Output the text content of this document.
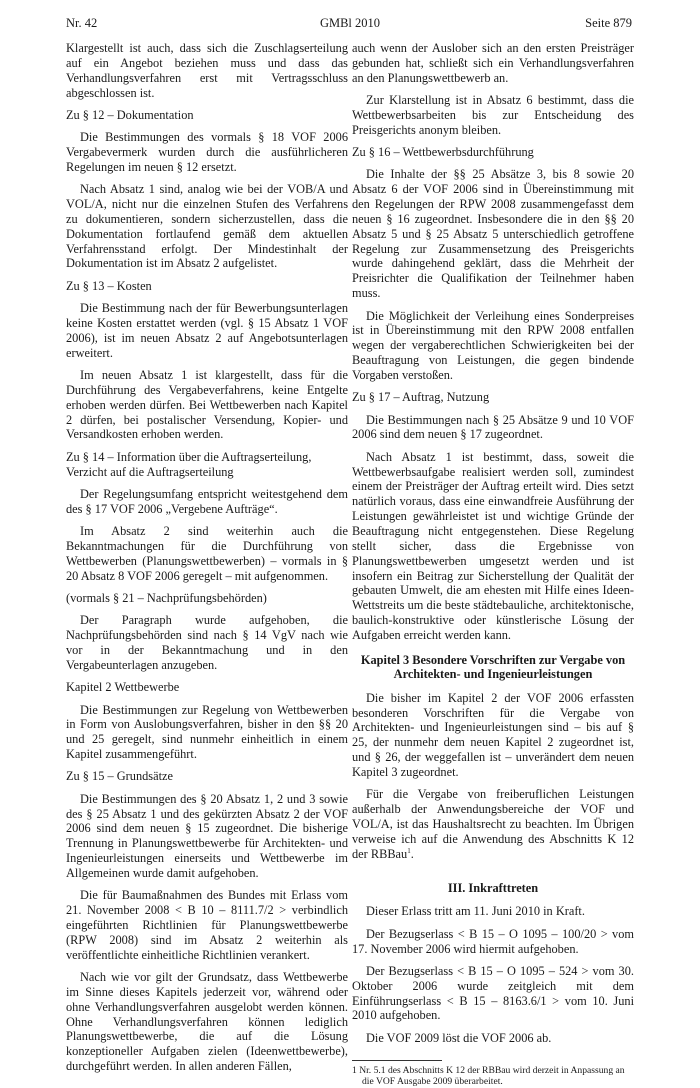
Nr. 42	GMBl 2010	Seite 879

Klargestellt ist auch, dass sich die Zuschlagserteilung auf ein Angebot beziehen muss und dass das Verhandlungsverfahren erst mit Vertragsschluss abgeschlossen ist.

Zu § 12 – Dokumentation

Die Bestimmungen des vormals § 18 VOF 2006 Vergabevermerk wurden durch die ausführlicheren Regelungen im neuen § 12 ersetzt.

Nach Absatz 1 sind, analog wie bei der VOB/A und VOL/A, nicht nur die einzelnen Stufen des Verfahrens zu dokumentieren, sondern sicherzustellen, dass die Dokumentation fortlaufend gemäß dem aktuellen Verfahrensstand erfolgt. Der Mindestinhalt der Dokumentation ist im Absatz 2 aufgelistet.

Zu § 13 – Kosten

Die Bestimmung nach der für Bewerbungsunterlagen keine Kosten erstattet werden (vgl. § 15 Absatz 1 VOF 2006), ist im neuen Absatz 2 auf Angebotsunterlagen erweitert.

Im neuen Absatz 1 ist klargestellt, dass für die Durchführung des Vergabeverfahrens, keine Entgelte erhoben werden dürfen. Bei Wettbewerben nach Kapitel 2 dürfen, bei postalischer Versendung, Kopier- und Versandkosten erhoben werden.

Zu § 14 – Information über die Auftragserteilung, Verzicht auf die Auftragserteilung

Der Regelungsumfang entspricht weitestgehend dem des § 17 VOF 2006 „Vergebene Aufträge“.

Im Absatz 2 sind weiterhin auch die Bekanntmachungen für die Durchführung von Wettbewerben (Planungswettbewerben) – vormals in § 20 Absatz 8 VOF 2006 geregelt – mit aufgenommen.

(vormals § 21 – Nachprüfungsbehörden)

Der Paragraph wurde aufgehoben, die Nachprüfungsbehörden sind nach § 14 VgV nach wie vor in der Bekanntmachung und in den Vergabeunterlagen anzugeben.

Kapitel 2 Wettbewerbe

Die Bestimmungen zur Regelung von Wettbewerben in Form von Auslobungsverfahren, bisher in den §§ 20 und 25 geregelt, sind nunmehr einheitlich in einem Kapitel zusammengeführt.

Zu § 15 – Grundsätze

Die Bestimmungen des § 20 Absatz 1, 2 und 3 sowie des § 25 Absatz 1 und des gekürzten Absatz 2 der VOF 2006 sind dem neuen § 15 zugeordnet. Die bisherige Trennung in Planungswettbewerbe für Architekten- und Ingenieurleistungen einerseits und Wettbewerbe im Allgemeinen wurde damit aufgehoben.

Die für Baumaßnahmen des Bundes mit Erlass vom 21. November 2008 < B 10 – 8111.7/2 > verbindlich eingeführten Richtlinien für Planungswettbewerbe (RPW 2008) sind im Absatz 2 weiterhin als veröffentlichte einheitliche Richtlinien verankert.

Nach wie vor gilt der Grundsatz, dass Wettbewerbe im Sinne dieses Kapitels jederzeit vor, während oder ohne Verhandlungsverfahren ausgelobt werden können. Ohne Verhandlungsverfahren können lediglich Planungswettbewerbe, die auf die Lösung konzeptioneller Aufgaben zielen (Ideenwettbewerbe), durchgeführt werden. In allen anderen Fällen,

auch wenn der Auslober sich an den ersten Preisträger gebunden hat, schließt sich ein Verhandlungsverfahren an den Planungswettbewerb an.

Zur Klarstellung ist in Absatz 6 bestimmt, dass die Wettbewerbsarbeiten bis zur Entscheidung des Preisgerichts anonym bleiben.

Zu § 16 – Wettbewerbsdurchführung

Die Inhalte der §§ 25 Absätze 3, bis 8 sowie 20 Absatz 6 der VOF 2006 sind in Übereinstimmung mit den Regelungen der RPW 2008 zusammengefasst dem neuen § 16 zugeordnet. Insbesondere die in den §§ 20 Absatz 5 und § 25 Absatz 5 unterschiedlich getroffene Regelung zur Zusammensetzung des Preisgerichts wurde dahingehend geklärt, dass die Mehrheit der Preisrichter die Qualifikation der Teilnehmer haben muss.

Die Möglichkeit der Verleihung eines Sonderpreises ist in Übereinstimmung mit den RPW 2008 entfallen wegen der vergaberechtlichen Schwierigkeiten bei der Beauftragung von Leistungen, die gegen bindende Vorgaben verstoßen.

Zu § 17 – Auftrag, Nutzung

Die Bestimmungen nach § 25 Absätze 9 und 10 VOF 2006 sind dem neuen § 17 zugeordnet.

Nach Absatz 1 ist bestimmt, dass, soweit die Wettbewerbsaufgabe realisiert werden soll, zumindest einem der Preisträger der Auftrag erteilt wird. Dies setzt natürlich voraus, dass eine einwandfreie Ausführung der Leistungen gewährleistet ist und wichtige Gründe der Beauftragung nicht entgegenstehen. Diese Regelung stellt sicher, dass die Ergebnisse von Planungswettbewerben umgesetzt werden und ist insofern ein Beitrag zur Sicherstellung der Qualität der gebauten Umwelt, die am ehesten mit Hilfe eines Ideen-Wettstreits um die beste städtebauliche, architektonische, baulich-konstruktive oder künstlerische Lösung der Aufgaben erreicht werden kann.

Kapitel 3 Besondere Vorschriften zur Vergabe von Architekten- und Ingenieurleistungen

Die bisher im Kapitel 2 der VOF 2006 erfassten besonderen Vorschriften für die Vergabe von Architekten- und Ingenieurleistungen sind – bis auf § 25, der nunmehr dem neuen Kapitel 2 zugeordnet ist, und § 26, der weggefallen ist – unverändert dem neuen Kapitel 3 zugeordnet.

Für die Vergabe von freiberuflichen Leistungen außerhalb der Anwendungsbereiche der VOF und VOL/A, ist das Haushaltsrecht zu beachten. Im Übrigen verweise ich auf die Anwendung des Abschnitts K 12 der RBBau$^1$.

III. Inkrafttreten

Dieser Erlass tritt am 11. Juni 2010 in Kraft.

Der Bezugserlass < B 15 – O 1095 – 100/20 > vom 17. November 2006 wird hiermit aufgehoben.

Der Bezugserlass < B 15 – O 1095 – 524 > vom 30. Oktober 2006 wurde zeitgleich mit dem Einführungserlass < B 15 – 8163.6/1 > vom 10. Juni 2010 aufgehoben.

Die VOF 2009 löst die VOF 2006 ab.

1 Nr. 5.1 des Abschnitts K 12 der RBBau wird derzeit in Anpassung an die VOF Ausgabe 2009 überarbeitet.
